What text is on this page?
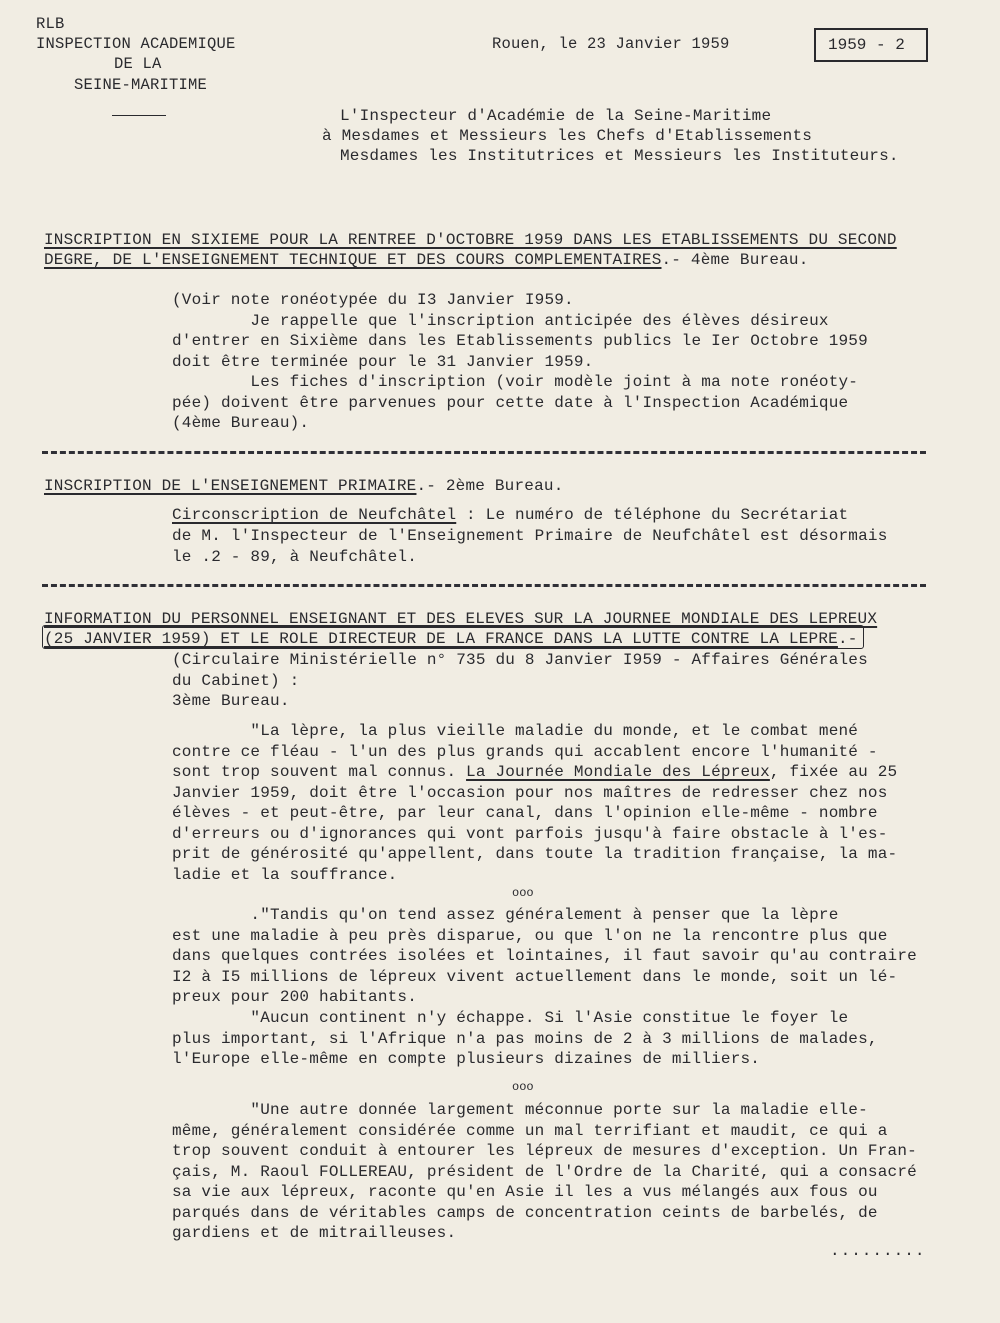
RLB
INSPECTION ACADEMIQUE
DE LA
SEINE-MARITIME
Rouen, le 23 Janvier 1959	1959 - 2
L'Inspecteur d'Académie de la Seine-Maritime
à Mesdames et Messieurs les Chefs d'Etablissements
Mesdames les Institutrices et Messieurs les Instituteurs.
INSCRIPTION EN SIXIEME POUR LA RENTREE D'OCTOBRE 1959 DANS LES ETABLISSEMENTS DU SECOND
DEGRE, DE L'ENSEIGNEMENT TECHNIQUE ET DES COURS COMPLEMENTAIRES.- 4ème Bureau.
(Voir note ronéotypée du I3 Janvier I959.
Je rappelle que l'inscription anticipée des élèves désireux
d'entrer en Sixième dans les Etablissements publics le Ier Octobre 1959
doit être terminée pour le 31 Janvier 1959.
Les fiches d'inscription (voir modèle joint à ma note ronéoty-
pée) doivent être parvenues pour cette date à l'Inspection Académique
(4ème Bureau).
INSCRIPTION DE L'ENSEIGNEMENT PRIMAIRE.- 2ème Bureau.
Circonscription de Neufchâtel : Le numéro de téléphone du Secrétariat
de M. l'Inspecteur de l'Enseignement Primaire de Neufchâtel est désormais
le .2 - 89, à Neufchâtel.
INFORMATION DU PERSONNEL ENSEIGNANT ET DES ELEVES SUR LA JOURNEE MONDIALE DES LEPREUX
(25 JANVIER 1959) ET LE ROLE DIRECTEUR DE LA FRANCE DANS LA LUTTE CONTRE LA LEPRE.-
(Circulaire Ministérielle n° 735 du 8 Janvier I959 - Affaires Générales
du Cabinet) :
3ème Bureau.
"La lèpre, la plus vieille maladie du monde, et le combat mené
contre ce fléau - l'un des plus grands qui accablent encore l'humanité -
sont trop souvent mal connus. La Journée Mondiale des Lépreux, fixée au 25
Janvier 1959, doit être l'occasion pour nos maîtres de redresser chez nos
élèves - et peut-être, par leur canal, dans l'opinion elle-même - nombre
d'erreurs ou d'ignorances qui vont parfois jusqu'à faire obstacle à l'es-
prit de générosité qu'appellent, dans toute la tradition française, la ma-
ladie et la souffrance.
ooo
."Tandis qu'on tend assez généralement à penser que la lèpre
est une maladie à peu près disparue, ou que l'on ne la rencontre plus que
dans quelques contrées isolées et lointaines, il faut savoir qu'au contraire
I2 à I5 millions de lépreux vivent actuellement dans le monde, soit un lé-
preux pour 200 habitants.
"Aucun continent n'y échappe. Si l'Asie constitue le foyer le
plus important, si l'Afrique n'a pas moins de 2 à 3 millions de malades,
l'Europe elle-même en compte plusieurs dizaines de milliers.
ooo
"Une autre donnée largement méconnue porte sur la maladie elle-
même, généralement considérée comme un mal terrifiant et maudit, ce qui a
trop souvent conduit à entourer les lépreux de mesures d'exception. Un Fran-
çais, M. Raoul FOLLEREAU, président de l'Ordre de la Charité, qui a consacré
sa vie aux lépreux, raconte qu'en Asie il les a vus mélangés aux fous ou
parqués dans de véritables camps de concentration ceints de barbelés, de
gardiens et de mitrailleuses.
.........
